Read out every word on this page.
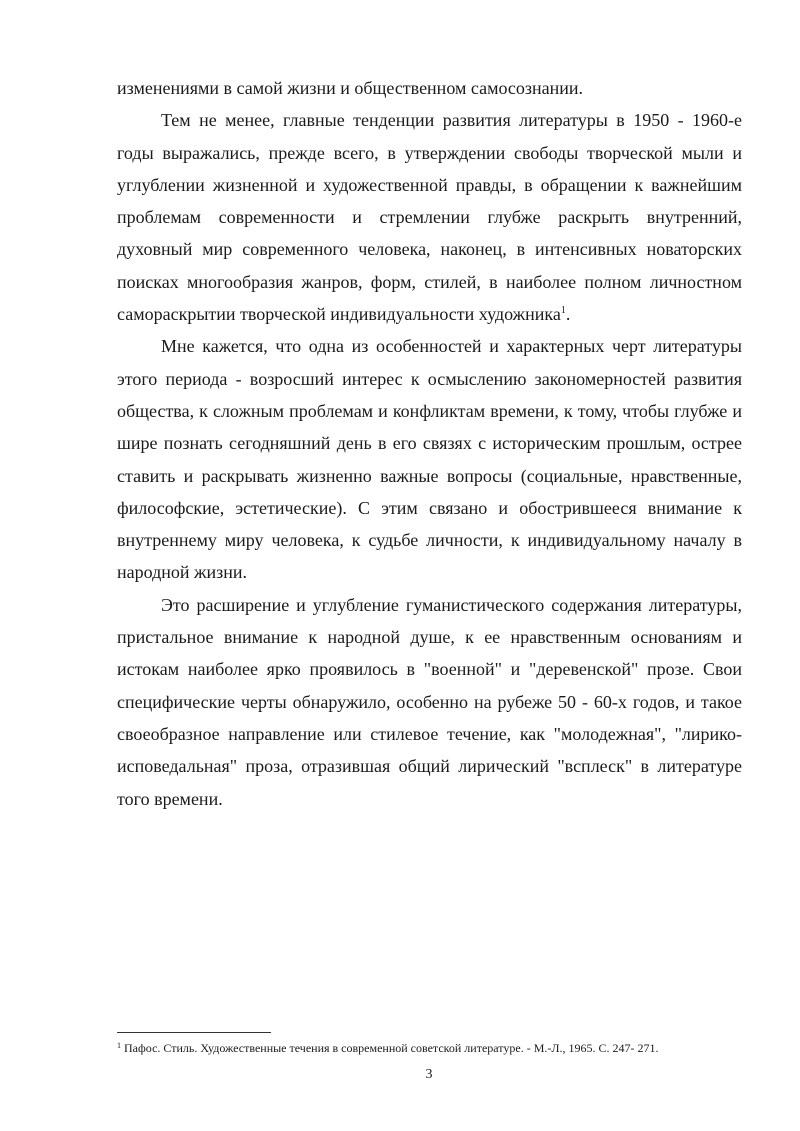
изменениями в самой жизни и общественном самосознании.

Тем не менее, главные тенденции развития литературы в 1950 - 1960-е годы выражались, прежде всего, в утверждении свободы творческой мыли и углублении жизненной и художественной правды, в обращении к важнейшим проблемам современности и стремлении глубже раскрыть внутренний, духовный мир современного человека, наконец, в интенсивных новаторских поисках многообразия жанров, форм, стилей, в наиболее полном личностном самораскрытии творческой индивидуальности художника$^1$.

Мне кажется, что одна из особенностей и характерных черт литературы этого периода - возросший интерес к осмыслению закономерностей развития общества, к сложным проблемам и конфликтам времени, к тому, чтобы глубже и шире познать сегодняшний день в его связях с историческим прошлым, острее ставить и раскрывать жизненно важные вопросы (социальные, нравственные, философские, эстетические). С этим связано и обострившееся внимание к внутреннему миру человека, к судьбе личности, к индивидуальному началу в народной жизни.

Это расширение и углубление гуманистического содержания литературы, пристальное внимание к народной душе, к ее нравственным основаниям и истокам наиболее ярко проявилось в "военной" и "деревенской" прозе. Свои специфические черты обнаружило, особенно на рубеже 50 - 60-х годов, и такое своеобразное направление или стилевое течение, как "молодежная", "лирико-исповедальная" проза, отразившая общий лирический "всплеск" в литературе того времени.

$^1$ Пафос. Стиль. Художественные течения в современной советской литературе. - М.-Л., 1965. С. 247- 271.
3
